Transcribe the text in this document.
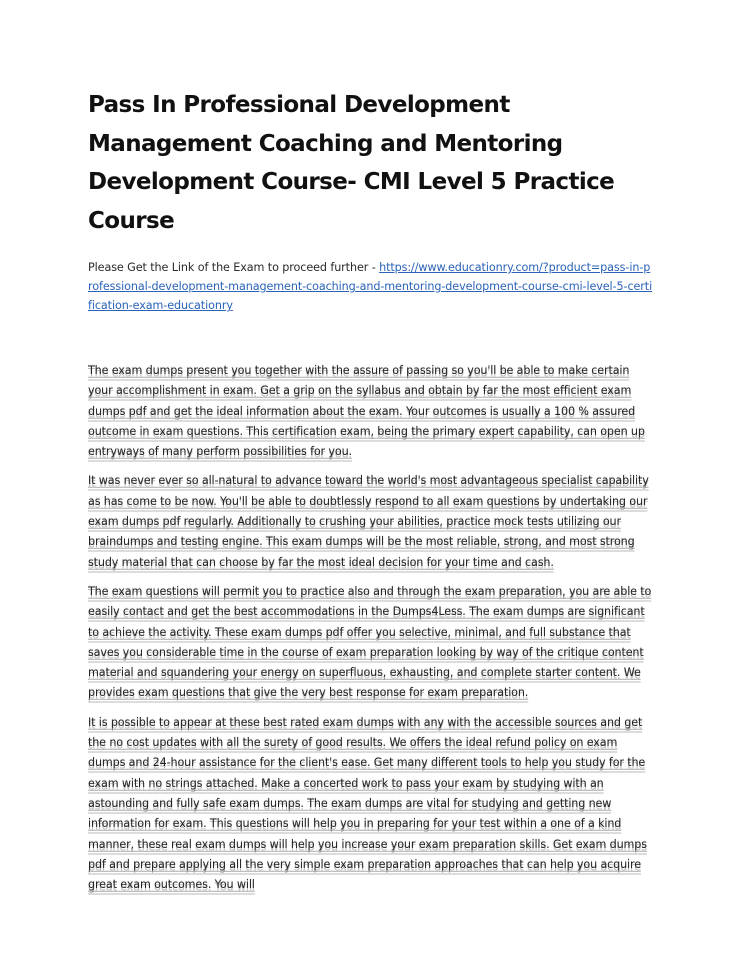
Pass In Professional Development Management Coaching and Mentoring Development Course- CMI Level 5 Practice Course
Please Get the Link of the Exam to proceed further - https://www.educationry.com/?product=pass-in-professional-development-management-coaching-and-mentoring-development-course-cmi-level-5-certification-exam-educationry

The exam dumps present you together with the assure of passing so you'll be able to make certain your accomplishment in exam. Get a grip on the syllabus and obtain by far the most efficient exam dumps pdf and get the ideal information about the exam. Your outcomes is usually a 100 % assured outcome in exam questions. This certification exam, being the primary expert capability, can open up entryways of many perform possibilities for you.

It was never ever so all-natural to advance toward the world's most advantageous specialist capability as has come to be now. You'll be able to doubtlessly respond to all exam questions by undertaking our exam dumps pdf regularly. Additionally to crushing your abilities, practice mock tests utilizing our braindumps and testing engine. This exam dumps will be the most reliable, strong, and most strong study material that can choose by far the most ideal decision for your time and cash.

The exam questions will permit you to practice also and through the exam preparation, you are able to easily contact and get the best accommodations in the Dumps4Less. The exam dumps are significant to achieve the activity. These exam dumps pdf offer you selective, minimal, and full substance that saves you considerable time in the course of exam preparation looking by way of the critique content material and squandering your energy on superfluous, exhausting, and complete starter content. We provides exam questions that give the very best response for exam preparation.

It is possible to appear at these best rated exam dumps with any with the accessible sources and get the no cost updates with all the surety of good results. We offers the ideal refund policy on exam dumps and 24-hour assistance for the client's ease. Get many different tools to help you study for the exam with no strings attached. Make a concerted work to pass your exam by studying with an astounding and fully safe exam dumps. The exam dumps are vital for studying and getting new information for exam. This questions will help you in preparing for your test within a one of a kind manner, these real exam dumps will help you increase your exam preparation skills. Get exam dumps pdf and prepare applying all the very simple exam preparation approaches that can help you acquire great exam outcomes. You will
